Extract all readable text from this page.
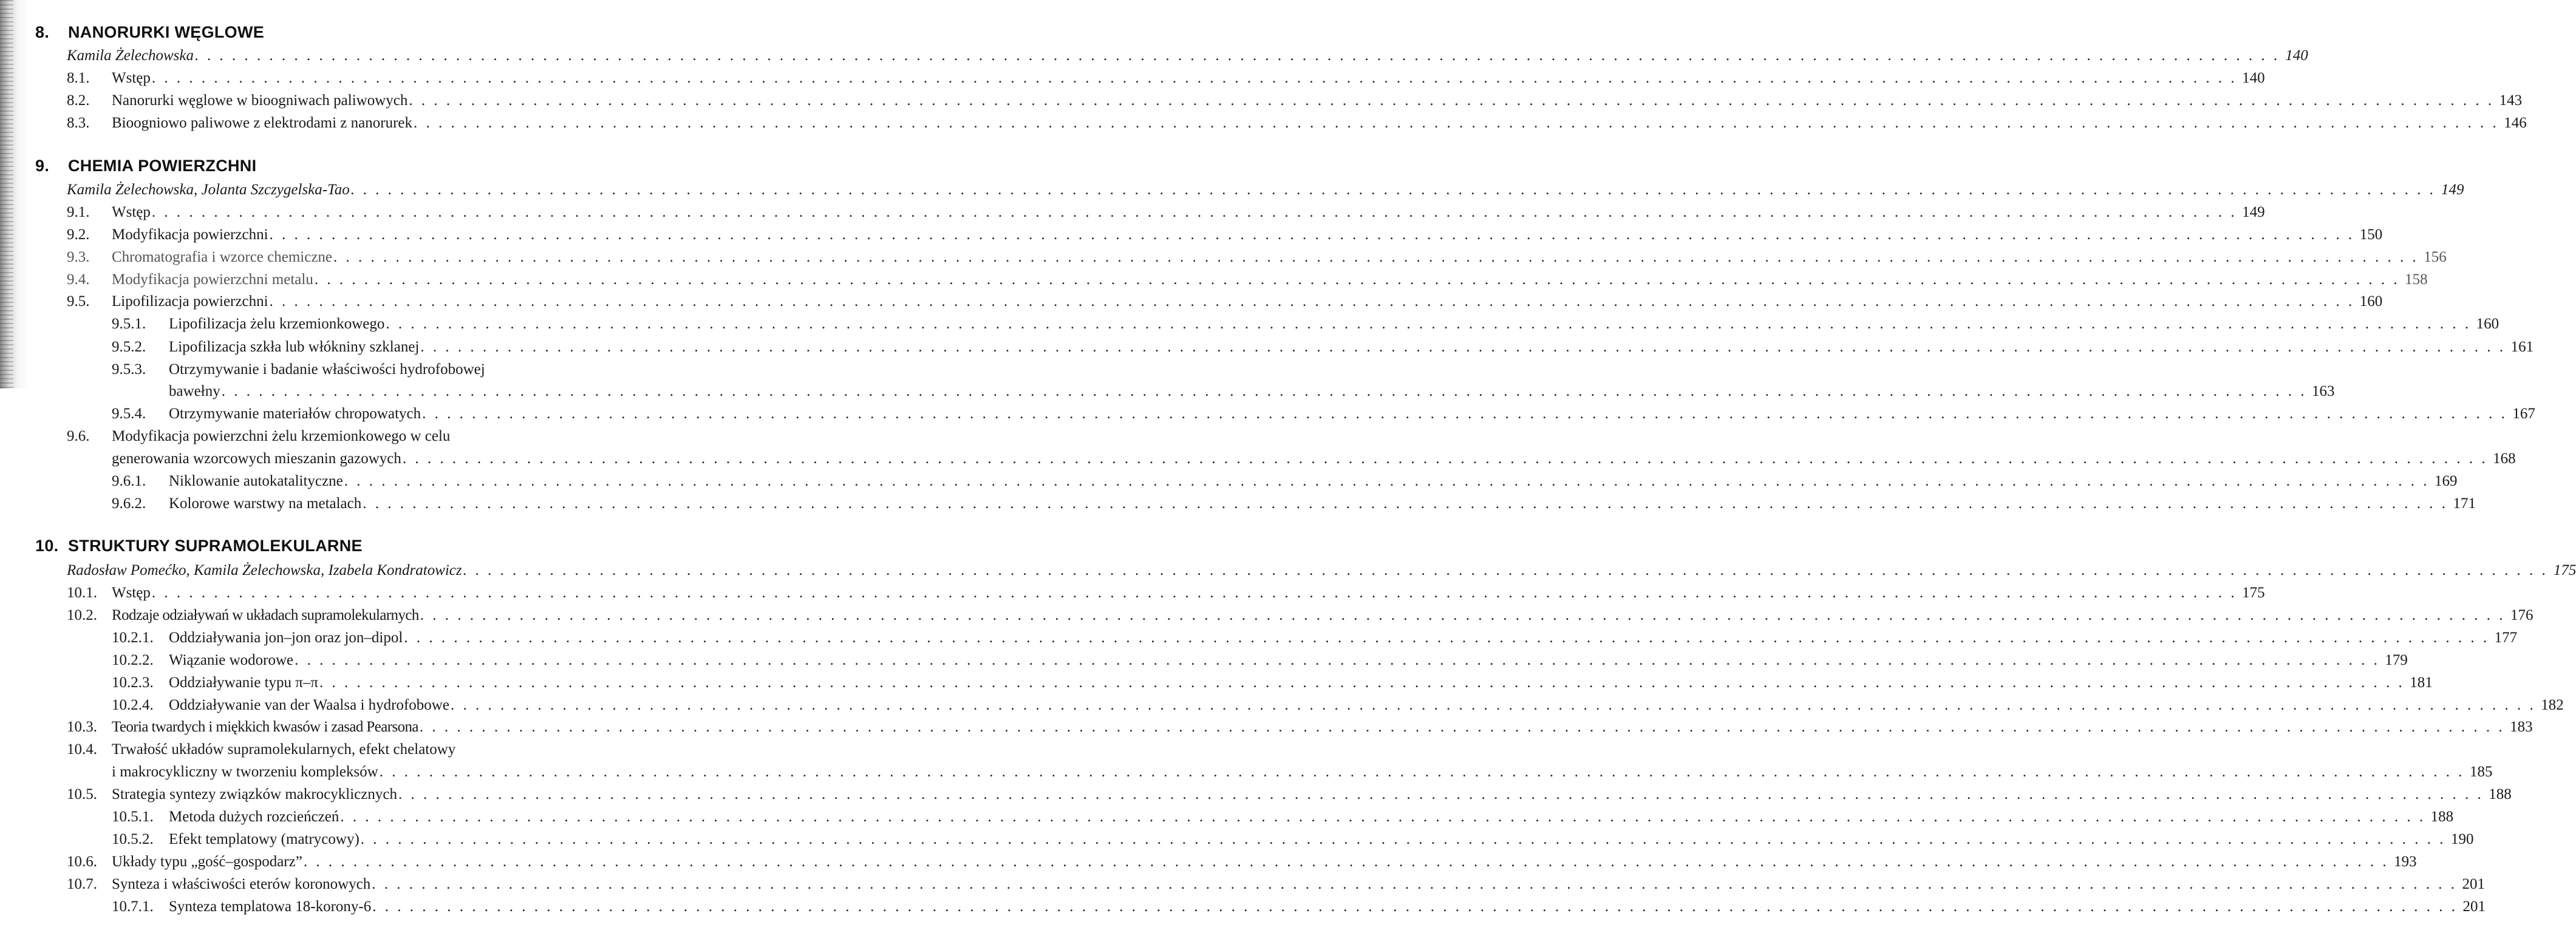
8. NANORURKI WĘGLOWE
Kamila Żelechowska . . .	140
8.1.	Wstęp . . .	140
8.2.	Nanorurki węglowe w bioogniwach paliwowych . . .	143
8.3.	Bioogniowo paliwowe z elektrodami z nanorurek . . .	146
9. CHEMIA POWIERZCHNI
Kamila Żelechowska, Jolanta Szczygelska-Tao . . .	149
9.1.	Wstęp . . .	149
9.2.	Modyfikacja powierzchni . . .	150
9.3.	Chromatografia i wzorce chemiczne . . .	156
9.4.	Modyfikacja powierzchni metalu . . .	158
9.5.	Lipofilizacja powierzchni . . .	160
9.5.1.	Lipofilizacja żelu krzemionkowego . . .	160
9.5.2.	Lipofilizacja szkła lub włókniny szklanej . . .	161
9.5.3. Otrzymywanie i badanie właściwości hydrofobowej
bawełny . . .	163
9.5.4.	Otrzymywanie materiałów chropowatych . . .	167
9.6. Modyfikacja powierzchni żelu krzemionkowego w celu
generowania wzorcowych mieszanin gazowych . . .	168
9.6.1.	Niklowanie autokatalityczne . . .	169
9.6.2.	Kolorowe warstwy na metalach . . .	171
10. STRUKTURY SUPRAMOLEKULARNE
Radosław Pomećko, Kamila Żelechowska, Izabela Kondratowicz . . .	175
10.1. Wstęp . . .	175
10.2. Rodzaje odziaływań w układach supramolekularnych . . .	176
10.2.1.	Oddziaływania jon–jon oraz jon–dipol . . .	177
10.2.2.	Wiązanie wodorowe . . .	179
10.2.3.	Oddziaływanie typu π–π . . .	181
10.2.4.	Oddziaływanie van der Waalsa i hydrofobowe . . .	182
10.3. Teoria twardych i miękkich kwasów i zasad Pearsona . . .	183
10.4. Trwałość układów supramolekularnych, efekt chelatowy
i makrocykliczny w tworzeniu kompleksów . . .	185
10.5. Strategia syntezy związków makrocyklicznych . . .	188
10.5.1.	Metoda dużych rozcieńczeń . . .	188
10.5.2.	Efekt templatowy (matrycowy) . . .	190
10.6. Układy typu „gość–gospodarz” . . .	193
10.7. Synteza i właściwości eterów koronowych . . .	201
10.7.1.	Synteza templatowa 18-korony-6 . . .	201
